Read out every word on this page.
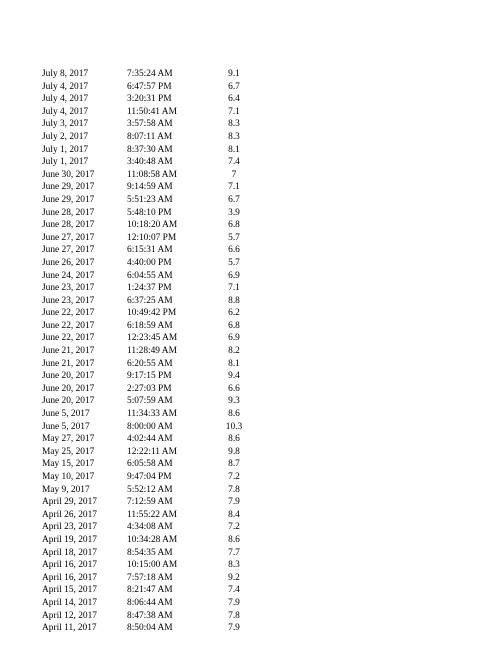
July 8, 2017	7:35:24 AM	9.1
July 4, 2017	6:47:57 PM	6.7
July 4, 2017	3:20:31 PM	6.4
July 4, 2017	11:50:41 AM	7.1
July 3, 2017	3:57:58 AM	8.3
July 2, 2017	8:07:11 AM	8.3
July 1, 2017	8:37:30 AM	8.1
July 1, 2017	3:40:48 AM	7.4
June 30, 2017	11:08:58 AM	7
June 29, 2017	9:14:59 AM	7.1
June 29, 2017	5:51:23 AM	6.7
June 28, 2017	5:48:10 PM	3.9
June 28, 2017	10:18:20 AM	6.8
June 27, 2017	12:10:07 PM	5.7
June 27, 2017	6:15:31 AM	6.6
June 26, 2017	4:40:00 PM	5.7
June 24, 2017	6:04:55 AM	6.9
June 23, 2017	1:24:37 PM	7.1
June 23, 2017	6:37:25 AM	8.8
June 22, 2017	10:49:42 PM	6.2
June 22, 2017	6:18:59 AM	6.8
June 22, 2017	12:23:45 AM	6.9
June 21, 2017	11:28:49 AM	8.2
June 21, 2017	6:20:55 AM	8.1
June 20, 2017	9:17:15 PM	9.4
June 20, 2017	2:27:03 PM	6.6
June 20, 2017	5:07:59 AM	9.3
June 5, 2017	11:34:33 AM	8.6
June 5, 2017	8:00:00 AM	10.3
May 27, 2017	4:02:44 AM	8.6
May 25, 2017	12:22:11 AM	9.8
May 15, 2017	6:05:58 AM	8.7
May 10, 2017	9:47:04 PM	7.2
May 9, 2017	5:52:12 AM	7.8
April 29, 2017	7:12:59 AM	7.9
April 26, 2017	11:55:22 AM	8.4
April 23, 2017	4:34:08 AM	7.2
April 19, 2017	10:34:28 AM	8.6
April 18, 2017	8:54:35 AM	7.7
April 16, 2017	10:15:00 AM	8.3
April 16, 2017	7:57:18 AM	9.2
April 15, 2017	8:21:47 AM	7.4
April 14, 2017	8:06:44 AM	7.9
April 12, 2017	8:47:38 AM	7.8
April 11, 2017	8:50:04 AM	7.9
